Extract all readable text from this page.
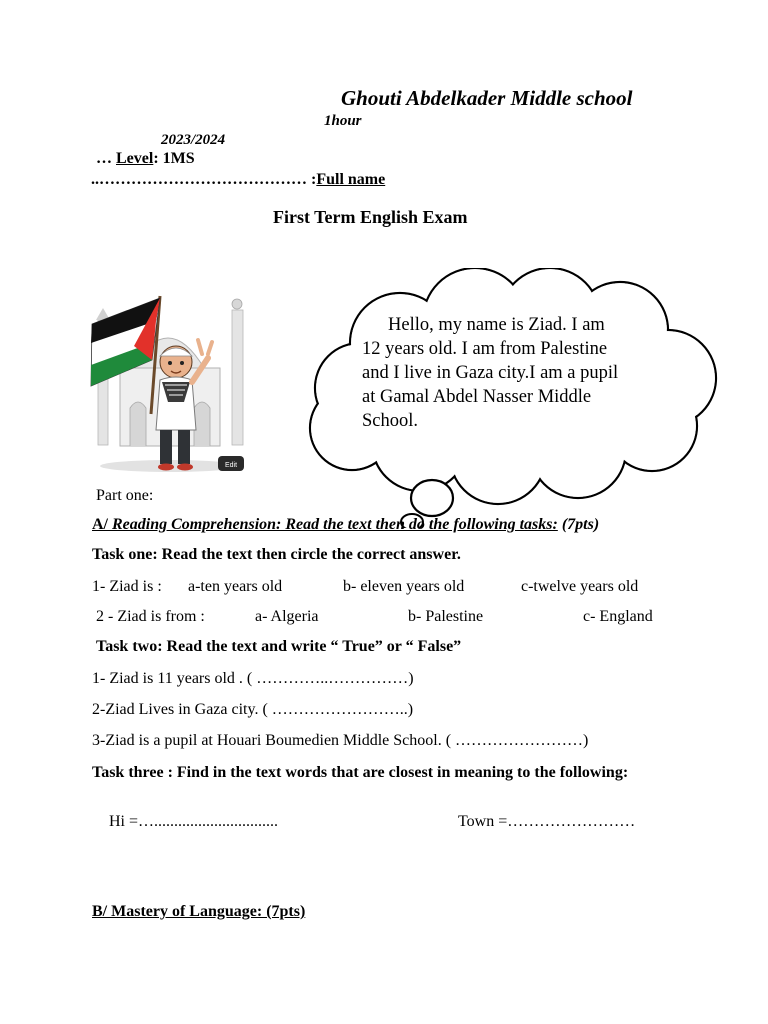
Ghouti Abdelkader Middle school
1hour
2023/2024
… Level: 1MS
..………………………………… :Full name
First Term English Exam
Edit
Hello, my name is Ziad. I am 12 years old. I am from Palestine and I live in Gaza city.I am a pupil at Gamal Abdel Nasser Middle School.
Part one:
A/ Reading Comprehension: Read the text then do the following tasks: (7pts)
Task one: Read the text then circle the correct answer.
1- Ziad is : a-ten years old	b- eleven years old	c-twelve years old
2 - Ziad is from :	a- Algeria	b- Palestine	c- England
Task two: Read the text and write “ True” or “ False”
1- Ziad is 11 years old . ( …………..……………)
2-Ziad Lives in Gaza city. ( ……………………..)
3-Ziad is a pupil at Houari Boumedien Middle School. ( ……………………)
Task three : Find in the text words that are closest in meaning to the following:
Hi =…...............................	Town =……………………
B/ Mastery of Language: (7pts)
